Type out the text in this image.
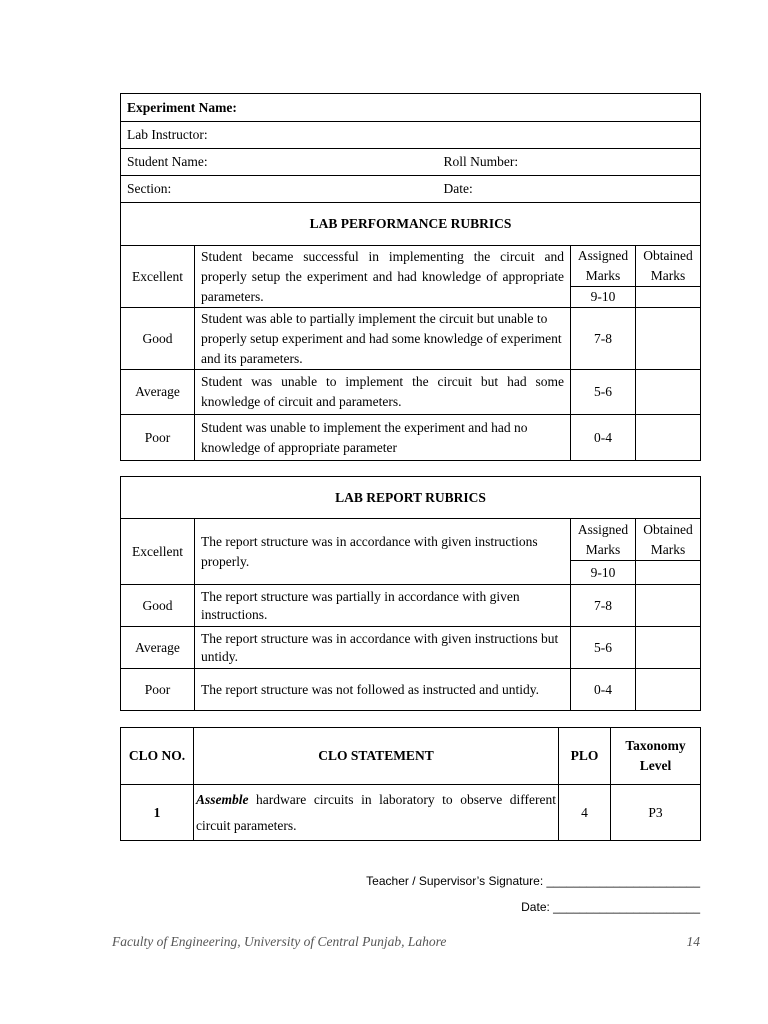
Experiment Name:	
Lab Instructor:	
Student Name:	Roll Number:
Section:	Date:
LAB PERFORMANCE RUBRICS			
Excellent	Student became successful in implementing the circuit and properly setup the experiment and had knowledge of appropriate parameters.	Assigned Marks	Obtained Marks
		9-10	
Good	Student was able to partially implement the circuit but unable to properly setup experiment and had some knowledge of experiment and its parameters.	7-8	
Average	Student was unable to implement the circuit but had some knowledge of circuit and parameters.	5-6	
Poor	Student was unable to implement the experiment and had no knowledge of appropriate parameter	0-4	
LAB REPORT RUBRICS			
Excellent	The report structure was in accordance with given instructions properly.	Assigned Marks	Obtained Marks
		9-10	
Good	The report structure was partially in accordance with given instructions.	7-8	
Average	The report structure was in accordance with given instructions but untidy.	5-6	
Poor	The report structure was not followed as instructed and untidy.	0-4	
CLO NO.	CLO STATEMENT	PLO	Taxonomy Level
1	Assemble hardware circuits in laboratory to observe different circuit parameters.	4	P3
Teacher / Supervisor’s Signature: _______________________
Date: ______________________
Faculty of Engineering, University of Central Punjab, Lahore	14
